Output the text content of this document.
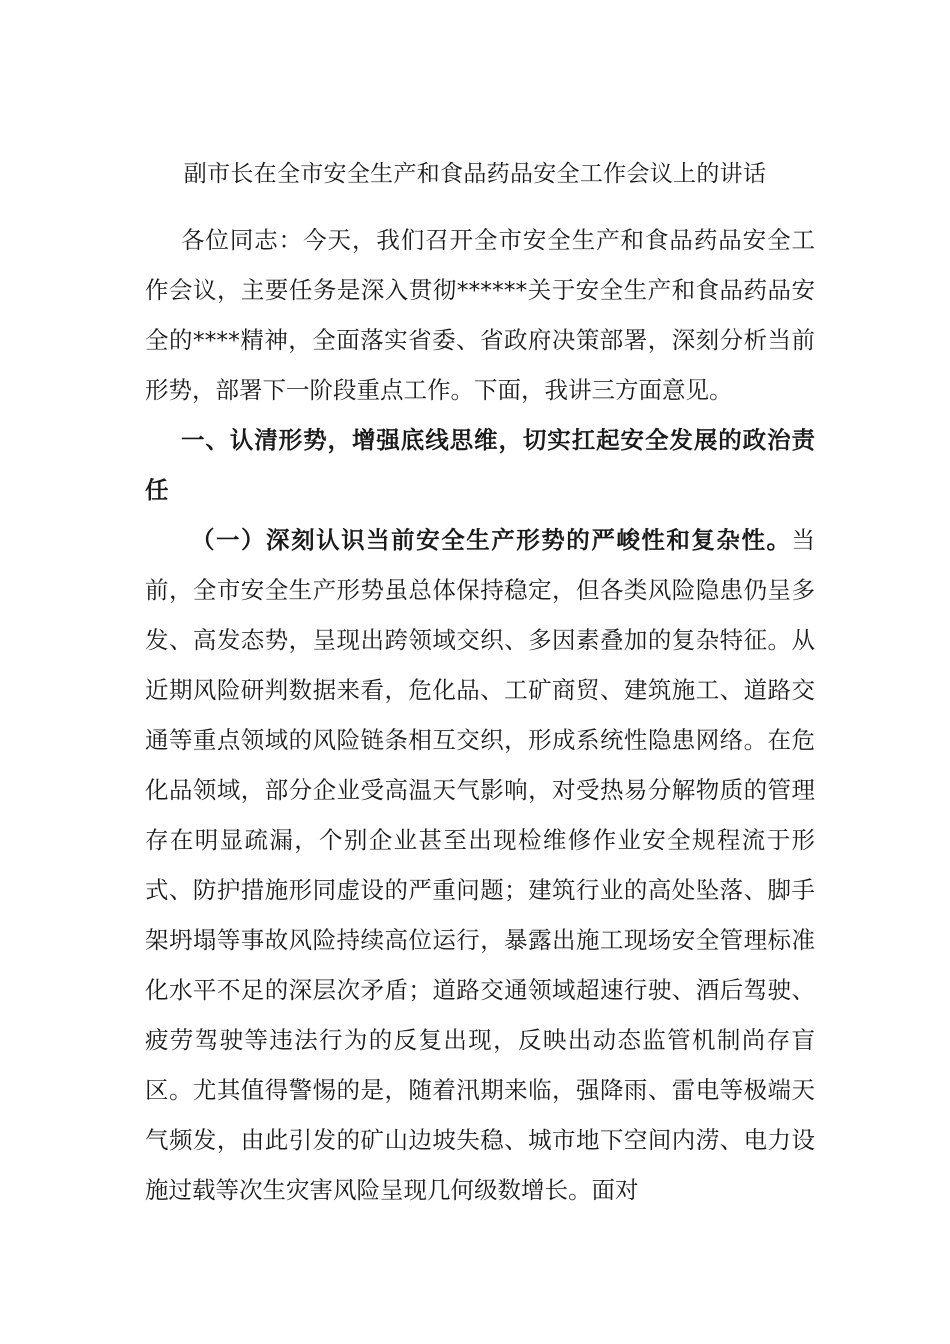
副市长在全市安全生产和食品药品安全工作会议上的讲话

各位同志：今天，我们召开全市安全生产和食品药品安全工作会议，主要任务是深入贯彻******关于安全生产和食品药品安全的****精神，全面落实省委、省政府决策部署，深刻分析当前形势，部署下一阶段重点工作。下面，我讲三方面意见。

一、认清形势，增强底线思维，切实扛起安全发展的政治责任

（一）深刻认识当前安全生产形势的严峻性和复杂性。当前，全市安全生产形势虽总体保持稳定，但各类风险隐患仍呈多发、高发态势，呈现出跨领域交织、多因素叠加的复杂特征。从近期风险研判数据来看，危化品、工矿商贸、建筑施工、道路交通等重点领域的风险链条相互交织，形成系统性隐患网络。在危化品领域，部分企业受高温天气影响，对受热易分解物质的管理存在明显疏漏，个别企业甚至出现检维修作业安全规程流于形式、防护措施形同虚设的严重问题；建筑行业的高处坠落、脚手架坍塌等事故风险持续高位运行，暴露出施工现场安全管理标准化水平不足的深层次矛盾；道路交通领域超速行驶、酒后驾驶、疲劳驾驶等违法行为的反复出现，反映出动态监管机制尚存盲区。尤其值得警惕的是，随着汛期来临，强降雨、雷电等极端天气频发，由此引发的矿山边坡失稳、城市地下空间内涝、电力设施过载等次生灾害风险呈现几何级数增长。面对
